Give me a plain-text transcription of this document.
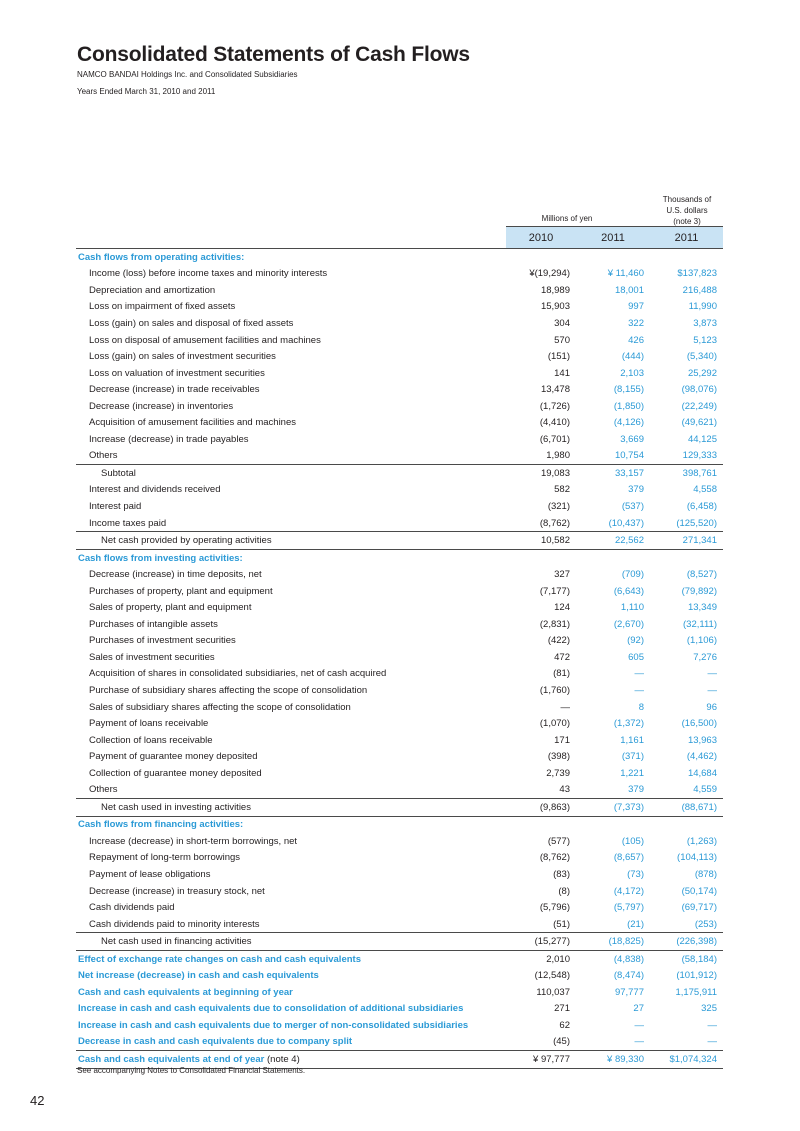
Consolidated Statements of Cash Flows
NAMCO BANDAI Holdings Inc. and Consolidated Subsidiaries
Years Ended March 31, 2010 and 2011
Thousands of
U.S. dollars
(note 3)
Millions of yen
	2010	2011	2011
Cash flows from operating activities:			
Income (loss) before income taxes and minority interests	¥(19,294)	¥ 11,460	$137,823
Depreciation and amortization	18,989	18,001	216,488
Loss on impairment of fixed assets	15,903	997	11,990
Loss (gain) on sales and disposal of fixed assets	304	322	3,873
Loss on disposal of amusement facilities and machines	570	426	5,123
Loss (gain) on sales of investment securities	(151)	(444)	(5,340)
Loss on valuation of investment securities	141	2,103	25,292
Decrease (increase) in trade receivables	13,478	(8,155)	(98,076)
Decrease (increase) in inventories	(1,726)	(1,850)	(22,249)
Acquisition of amusement facilities and machines	(4,410)	(4,126)	(49,621)
Increase (decrease) in trade payables	(6,701)	3,669	44,125
Others	1,980	10,754	129,333
Subtotal	19,083	33,157	398,761
Interest and dividends received	582	379	4,558
Interest paid	(321)	(537)	(6,458)
Income taxes paid	(8,762)	(10,437)	(125,520)
Net cash provided by operating activities	10,582	22,562	271,341
Cash flows from investing activities:			
Decrease (increase) in time deposits, net	327	(709)	(8,527)
Purchases of property, plant and equipment	(7,177)	(6,643)	(79,892)
Sales of property, plant and equipment	124	1,110	13,349
Purchases of intangible assets	(2,831)	(2,670)	(32,111)
Purchases of investment securities	(422)	(92)	(1,106)
Sales of investment securities	472	605	7,276
Acquisition of shares in consolidated subsidiaries, net of cash acquired	(81)	—	—
Purchase of subsidiary shares affecting the scope of consolidation	(1,760)	—	—
Sales of subsidiary shares affecting the scope of consolidation	—	8	96
Payment of loans receivable	(1,070)	(1,372)	(16,500)
Collection of loans receivable	171	1,161	13,963
Payment of guarantee money deposited	(398)	(371)	(4,462)
Collection of guarantee money deposited	2,739	1,221	14,684
Others	43	379	4,559
Net cash used in investing activities	(9,863)	(7,373)	(88,671)
Cash flows from financing activities:			
Increase (decrease) in short-term borrowings, net	(577)	(105)	(1,263)
Repayment of long-term borrowings	(8,762)	(8,657)	(104,113)
Payment of lease obligations	(83)	(73)	(878)
Decrease (increase) in treasury stock, net	(8)	(4,172)	(50,174)
Cash dividends paid	(5,796)	(5,797)	(69,717)
Cash dividends paid to minority interests	(51)	(21)	(253)
Net cash used in financing activities	(15,277)	(18,825)	(226,398)
Effect of exchange rate changes on cash and cash equivalents	2,010	(4,838)	(58,184)
Net increase (decrease) in cash and cash equivalents	(12,548)	(8,474)	(101,912)
Cash and cash equivalents at beginning of year	110,037	97,777	1,175,911
Increase in cash and cash equivalents due to consolidation of additional subsidiaries	271	27	325
Increase in cash and cash equivalents due to merger of non-consolidated subsidiaries	62	—	—
Decrease in cash and cash equivalents due to company split	(45)	—	—
Cash and cash equivalents at end of year (note 4)	¥ 97,777	¥ 89,330	$1,074,324
See accompanying Notes to Consolidated Financial Statements.
42
